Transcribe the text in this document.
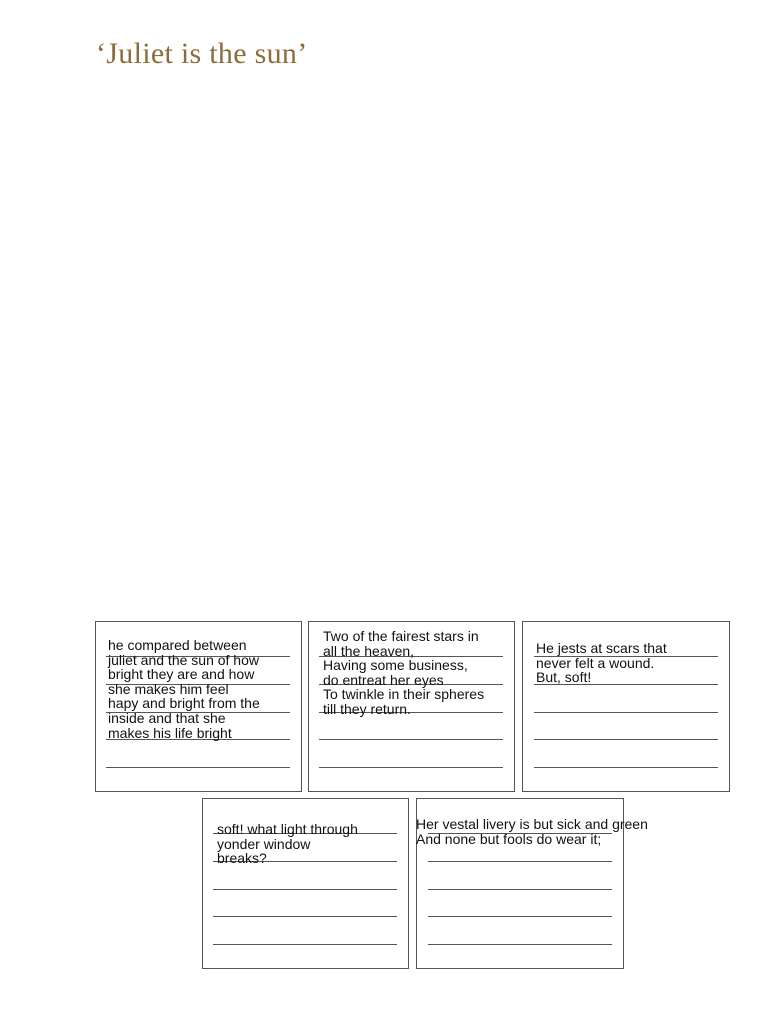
‘Juliet is the sun’

he compared between
juliet and the sun of how
bright they are and how
she makes him feel
hapy and bright from the
inside and that she
makes his life bright

Two of the fairest stars in
all the heaven,
Having some business,
do entreat her eyes
To twinkle in their spheres
till they return.

He jests at scars that
never felt a wound.
But, soft!

soft! what light through
yonder window
breaks?

Her vestal livery is but sick and green
And none but fools do wear it;
